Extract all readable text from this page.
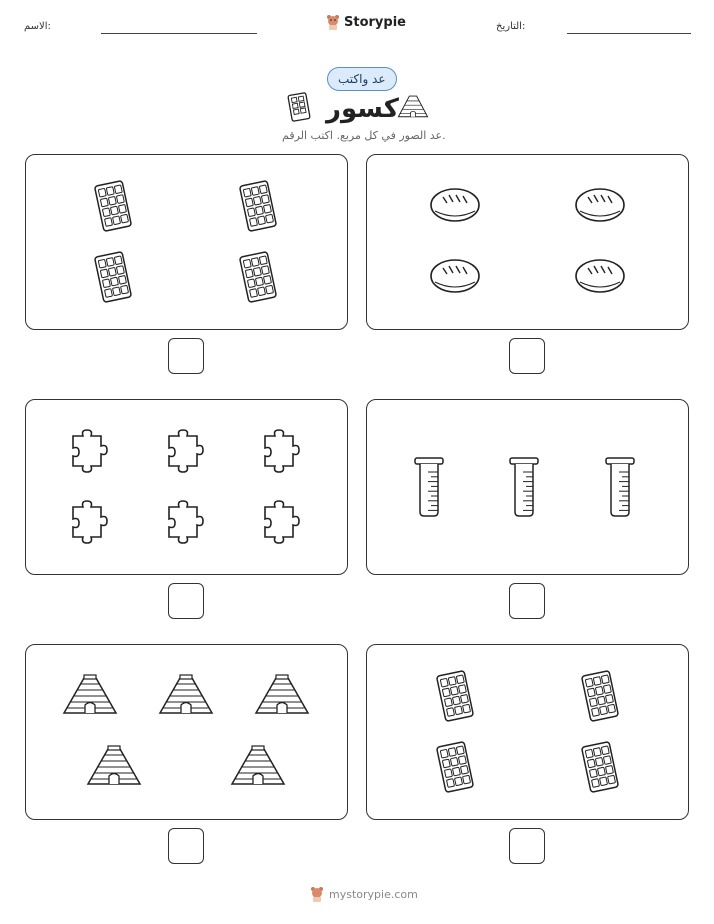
الاسم:	Storypie	التاريخ:
عد واكتب
كسور
عد الصور في كل مربع. اكتب الرقم.
mystorypie.com
